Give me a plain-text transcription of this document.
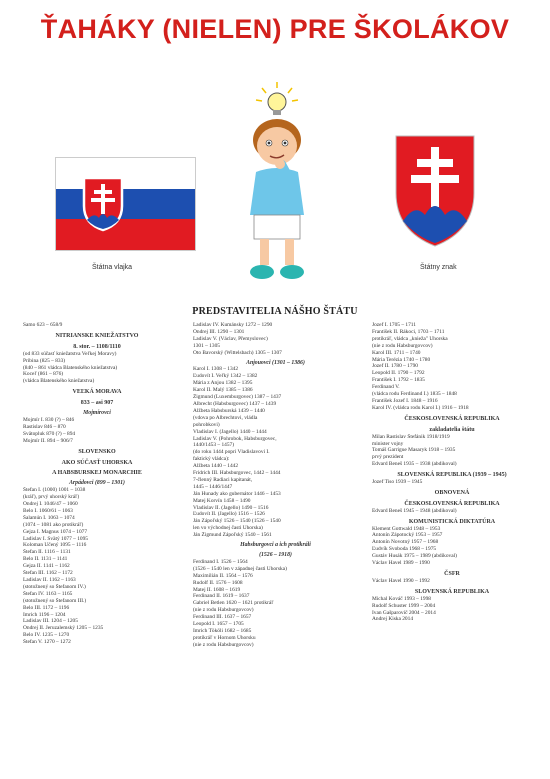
ŤAHÁKY (NIELEN) PRE ŠKOLÁKOV
Štátna vlajka	Štátny znak
PREDSTAVITELIA NÁŠHO ŠTÁTU
Samo 623 – 658/9
NITRIANSKE KNIEŽATSTVO
8. stor. – 1108/1110
(od 833 súčasť kniežatstva Veľkej Moravy)
Pribina (825 – 833)
(840 – 861 vládca Blatenského kniežatstva)
Koceľ (861 – 876)
(vládca Blatenského kniežatstva)
VEĽKÁ MORAVA
833 – asi 907
Mojmírovci
Mojmír I. 830 (?) – 846
Rastislav 846 – 870
Svätopluk 870 (?) – 894
Mojmír II. 894 – 906/7
SLOVENSKO
AKO SÚČASŤ UHORSKA
A HABSBURSKEJ MONARCHIE
Arpádovci (899 – 1301)
Štefan I. (1000) 1001 – 1038
(kráľ), prvý uhorský kráľ)
Ondrej I. 1046/47 – 1060
Belo I. 1060/61 – 1063
Šalamún I. 1063 – 1074
(1074 – 1081 ako protikráľ)
Gejza I. Magnus 1074 – 1077
Ladislav I. Svätý 1077 – 1095
Koloman Učený 1095 – 1116
Štefan II. 1116 – 1131
Belo II. 1131 – 1141
Gejza II. 1141 – 1162
Štefan III. 1162 – 1172
Ladislav II. 1162 – 1163
(stotožnený so Štefanom IV.)
Štefan IV. 1163 – 1165
(stotožnený so Štefanom III.)
Belo III. 1172 – 1196
Imrich 1196 – 1204
Ladislav III. 1204 – 1205
Ondrej II. Jeruzalemský 1205 – 1235
Belo IV. 1235 – 1270
Štefan V. 1270 – 1272
Ladislav IV. Kumánsky 1272 – 1290
Ondrej III. 1290 – 1301
Ladislav V. (Václav, Přemyslovec)
1301 – 1305
Oto Bavorský (Wittelsbach) 1305 – 1307
Anjouovci (1301 – 1386)
Karol I. 1308 – 1342
Ľudovít I. Veľký 1342 – 1382
Mária z Anjou 1382 – 1395
Karol II. Malý 1385 – 1386
Žigmund (Luxemburgovec) 1387 – 1437
Albrecht (Habsburgovec) 1437 – 1439
Alžbeta Habsburská 1439 – 1440
(vdova po Albrechtovi, vládla
pohrobkovi)
Vladislav I. (Jagello) 1440 – 1444
Ladislav V. (Pohrobok, Habsburgovec,
1440/1453 – 1457)
(do roku 1444 popri Vladislavovi I.
faktický vládca):
Alžbeta 1440 – 1442
Fridrich III. Habsburgovec, 1442 – 1444
7-členný Radiaci kapitanát,
1445 – 1446/1447
Ján Hunady ako gubernátor 1446 – 1453
Matej Korvín 1458 – 1490
Vladislav II. (Jagello) 1490 – 1516
Ľudovít II. (Jagello) 1516 – 1526
Ján Zápoľský 1526 – 1540 (1526 – 1540
len vo východnej časti Uhorska)
Ján Žigmund Zápoľský 1540 – 1561
Habsburgovci a ich protikráli
(1526 – 1918)
Ferdinand I. 1526 – 1564
(1526 – 1540 len v západnej časti Uhorska)
Maximilián II. 1564 – 1576
Rudolf II. 1576 – 1608
Matej II. 1608 – 1619
Ferdinand II. 1619 – 1637
Gabriel Betlen 1620 – 1621 protikráľ
(nie z rodu Habsburgovcov)
Ferdinand III. 1637 – 1657
Leopold I. 1657 – 1705
Imrich Tököli 1682 – 1685
protikráľ v Hornom Uhorsku
(nie z rodu Habsburgovcov)
Jozef I. 1705 – 1711
František II. Rákoci, 1703 – 1711
protikráľ, vládca „knieža" Uhorska
(nie z rodu Habsburgovcov)
Karol III. 1711 – 1740
Mária Terézia 1740 – 1780
Jozef II. 1780 – 1790
Leopold II. 1790 – 1792
František I. 1792 – 1835
Ferdinand V.
(vládca rodu Ferdinand I.) 1835 – 1848
František Jozef I. 1848 – 1916
Karol IV. (vládca rodu Karol I.) 1916 – 1918
ČESKOSLOVENSKÁ REPUBLIKA
zakladatelia štátu
Milan Rastislav Štefánik 1918/1919
minister vojny
Tomáš Garrigue Masaryk 1918 – 1935
prvý prezident
Edvard Beneš 1935 – 1938 (abdikoval)
SLOVENSKÁ REPUBLIKA (1939 – 1945)
Jozef Tiso 1939 – 1945
OBNOVENÁ
ČESKOSLOVENSKÁ REPUBLIKA
Edvard Beneš 1945 – 1948 (abdikoval)
KOMUNISTICKÁ DIKTATÚRA
Klement Gottwald 1948 – 1953
Antonín Zápotocký 1953 – 1957
Antonín Novotný 1957 – 1968
Ľudvík Svoboda 1968 – 1975
Gustáv Husák 1975 – 1989 (abdikoval)
Václav Havel 1989 – 1990
ČSFR
Václav Havel 1990 – 1992
SLOVENSKÁ REPUBLIKA
Michal Kováč 1993 – 1998
Rudolf Schuster 1999 – 2004
Ivan Gašparovič 2004 – 2014
Andrej Kiska 2014
